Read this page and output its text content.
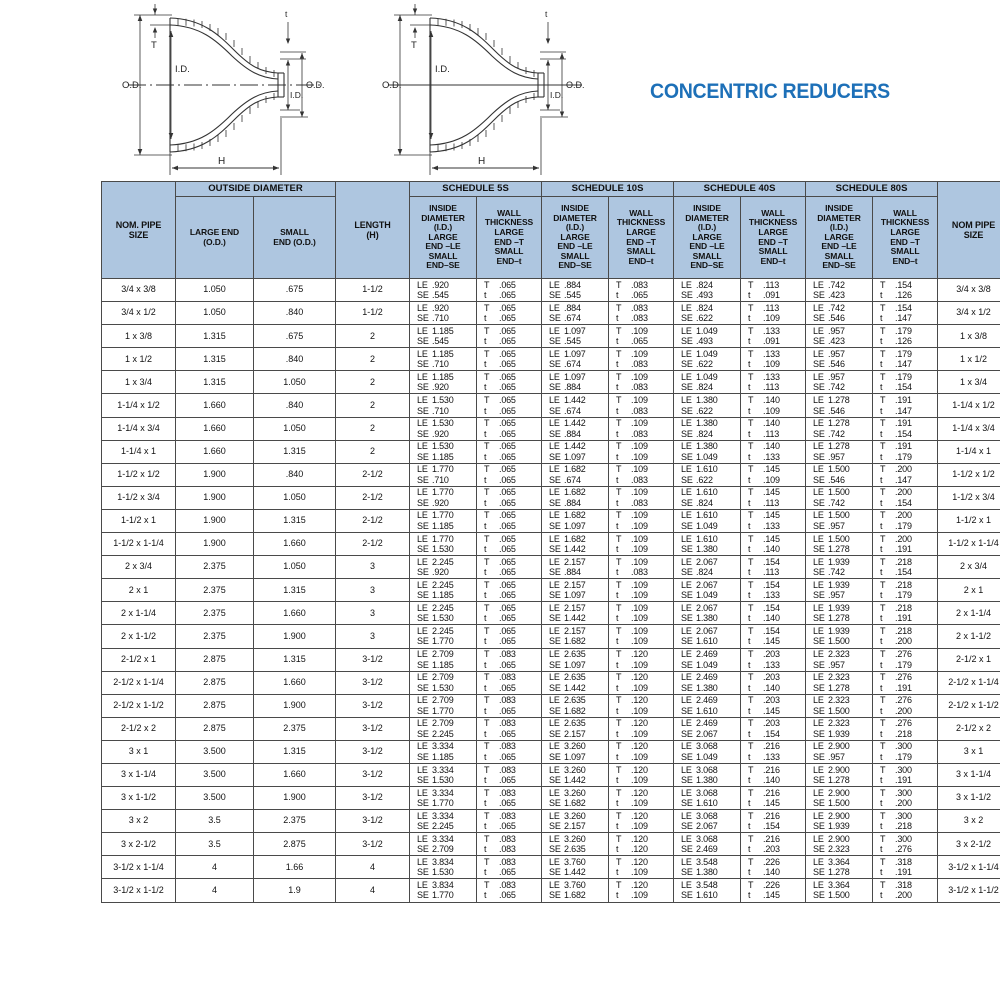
O.D.
I.D.
T
t
O.D.
I.D.
H
O.D.
I.D.
T
t
O.D.
I.D.
H
CONCENTRIC REDUCERS
NOM. PIPE
SIZE
	OUTSIDE DIAMETER	
LENGTH
(H)
	SCHEDULE 5S	SCHEDULE 10S	SCHEDULE 40S	SCHEDULE 80S	
NOM PIPE
SIZE

LARGE END
(O.D.)

SMALL
END (O.D.)

INSIDE
DIAMETER
(I.D.)
LARGE
END –LE
SMALL
END–SE

WALL
THICKNESS
LARGE
END –T
SMALL
END–t

INSIDE
DIAMETER
(I.D.)
LARGE
END –LE
SMALL
END–SE

WALL
THICKNESS
LARGE
END –T
SMALL
END–t

INSIDE
DIAMETER
(I.D.)
LARGE
END –LE
SMALL
END–SE

WALL
THICKNESS
LARGE
END –T
SMALL
END–t

INSIDE
DIAMETER
(I.D.)
LARGE
END –LE
SMALL
END–SE

WALL
THICKNESS
LARGE
END –T
SMALL
END–t

3/4 x 3/8	1.050	.675	1-1/2	LE .920
SE .545	T .065
t .065	LE .884
SE .545	T .083
t .065	LE .824
SE .493	T .113
t .091	LE .742
SE .423	T .154
t .126	3/4 x 3/8
3/4 x 1/2	1.050	.840	1-1/2	LE .920
SE .710	T .065
t .065	LE .884
SE .674	T .083
t .083	LE .824
SE .622	T .113
t .109	LE .742
SE .546	T .154
t .147	3/4 x 1/2
1 x 3/8	1.315	.675	2	LE 1.185
SE .545	T .065
t .065	LE 1.097
SE .545	T .109
t .065	LE 1.049
SE .493	T .133
t .091	LE .957
SE .423	T .179
t .126	1 x 3/8
1 x 1/2	1.315	.840	2	LE 1.185
SE .710	T .065
t .065	LE 1.097
SE .674	T .109
t .083	LE 1.049
SE .622	T .133
t .109	LE .957
SE .546	T .179
t .147	1 x 1/2
1 x 3/4	1.315	1.050	2	LE 1.185
SE .920	T .065
t .065	LE 1.097
SE .884	T .109
t .083	LE 1.049
SE .824	T .133
t .113	LE .957
SE .742	T .179
t .154	1 x 3/4
1-1/4 x 1/2	1.660	.840	2	LE 1.530
SE .710	T .065
t .065	LE 1.442
SE .674	T .109
t .083	LE 1.380
SE .622	T .140
t .109	LE 1.278
SE .546	T .191
t .147	1-1/4 x 1/2
1-1/4 x 3/4	1.660	1.050	2	LE 1.530
SE .920	T .065
t .065	LE 1.442
SE .884	T .109
t .083	LE 1.380
SE .824	T .140
t .113	LE 1.278
SE .742	T .191
t .154	1-1/4 x 3/4
1-1/4 x 1	1.660	1.315	2	LE 1.530
SE 1.185	T .065
t .065	LE 1.442
SE 1.097	T .109
t .109	LE 1.380
SE 1.049	T .140
t .133	LE 1.278
SE .957	T .191
t .179	1-1/4 x 1
1-1/2 x 1/2	1.900	.840	2-1/2	LE 1.770
SE .710	T .065
t .065	LE 1.682
SE .674	T .109
t .083	LE 1.610
SE .622	T .145
t .109	LE 1.500
SE .546	T .200
t .147	1-1/2 x 1/2
1-1/2 x 3/4	1.900	1.050	2-1/2	LE 1.770
SE .920	T .065
t .065	LE 1.682
SE .884	T .109
t .083	LE 1.610
SE .824	T .145
t .113	LE 1.500
SE .742	T .200
t .154	1-1/2 x 3/4
1-1/2 x 1	1.900	1.315	2-1/2	LE 1.770
SE 1.185	T .065
t .065	LE 1.682
SE 1.097	T .109
t .109	LE 1.610
SE 1.049	T .145
t .133	LE 1.500
SE .957	T .200
t .179	1-1/2 x 1
1-1/2 x 1-1/4	1.900	1.660	2-1/2	LE 1.770
SE 1.530	T .065
t .065	LE 1.682
SE 1.442	T .109
t .109	LE 1.610
SE 1.380	T .145
t .140	LE 1.500
SE 1.278	T .200
t .191	1-1/2 x 1-1/4
2 x 3/4	2.375	1.050	3	LE 2.245
SE .920	T .065
t .065	LE 2.157
SE .884	T .109
t .083	LE 2.067
SE .824	T .154
t .113	LE 1.939
SE .742	T .218
t .154	2 x 3/4
2 x 1	2.375	1.315	3	LE 2.245
SE 1.185	T .065
t .065	LE 2.157
SE 1.097	T .109
t .109	LE 2.067
SE 1.049	T .154
t .133	LE 1.939
SE .957	T .218
t .179	2 x 1
2 x 1-1/4	2.375	1.660	3	LE 2.245
SE 1.530	T .065
t .065	LE 2.157
SE 1.442	T .109
t .109	LE 2.067
SE 1.380	T .154
t .140	LE 1.939
SE 1.278	T .218
t .191	2 x 1-1/4
2 x 1-1/2	2.375	1.900	3	LE 2.245
SE 1.770	T .065
t .065	LE 2.157
SE 1.682	T .109
t .109	LE 2.067
SE 1.610	T .154
t .145	LE 1.939
SE 1.500	T .218
t .200	2 x 1-1/2
2-1/2 x 1	2.875	1.315	3-1/2	LE 2.709
SE 1.185	T .083
t .065	LE 2.635
SE 1.097	T .120
t .109	LE 2.469
SE 1.049	T .203
t .133	LE 2.323
SE .957	T .276
t .179	2-1/2 x 1
2-1/2 x 1-1/4	2.875	1.660	3-1/2	LE 2.709
SE 1.530	T .083
t .065	LE 2.635
SE 1.442	T .120
t .109	LE 2.469
SE 1.380	T .203
t .140	LE 2.323
SE 1.278	T .276
t .191	2-1/2 x 1-1/4
2-1/2 x 1-1/2	2.875	1.900	3-1/2	LE 2.709
SE 1.770	T .083
t .065	LE 2.635
SE 1.682	T .120
t .109	LE 2.469
SE 1.610	T .203
t .145	LE 2.323
SE 1.500	T .276
t .200	2-1/2 x 1-1/2
2-1/2 x 2	2.875	2.375	3-1/2	LE 2.709
SE 2.245	T .083
t .065	LE 2.635
SE 2.157	T .120
t .109	LE 2.469
SE 2.067	T .203
t .154	LE 2.323
SE 1.939	T .276
t .218	2-1/2 x 2
3 x 1	3.500	1.315	3-1/2	LE 3.334
SE 1.185	T .083
t .065	LE 3.260
SE 1.097	T .120
t .109	LE 3.068
SE 1.049	T .216
t .133	LE 2.900
SE .957	T .300
t .179	3 x 1
3 x 1-1/4	3.500	1.660	3-1/2	LE 3.334
SE 1.530	T .083
t .065	LE 3.260
SE 1.442	T .120
t .109	LE 3.068
SE 1.380	T .216
t .140	LE 2.900
SE 1.278	T .300
t .191	3 x 1-1/4
3 x 1-1/2	3.500	1.900	3-1/2	LE 3.334
SE 1.770	T .083
t .065	LE 3.260
SE 1.682	T .120
t .109	LE 3.068
SE 1.610	T .216
t .145	LE 2.900
SE 1.500	T .300
t .200	3 x 1-1/2
3 x 2	3.5	2.375	3-1/2	LE 3.334
SE 2.245	T .083
t .065	LE 3.260
SE 2.157	T .120
t .109	LE 3.068
SE 2.067	T .216
t .154	LE 2.900
SE 1.939	T .300
t .218	3 x 2
3 x 2-1/2	3.5	2.875	3-1/2	LE 3.334
SE 2.709	T .083
t .083	LE 3.260
SE 2.635	T .120
t .120	LE 3.068
SE 2.469	T .216
t .203	LE 2.900
SE 2.323	T .300
t .276	3 x 2-1/2
3-1/2 x 1-1/4	4	1.66	4	LE 3.834
SE 1.530	T .083
t .065	LE 3.760
SE 1.442	T .120
t .109	LE 3.548
SE 1.380	T .226
t .140	LE 3.364
SE 1.278	T .318
t .191	3-1/2 x 1-1/4
3-1/2 x 1-1/2	4	1.9	4	LE 3.834
SE 1.770	T .083
t .065	LE 3.760
SE 1.682	T .120
t .109	LE 3.548
SE 1.610	T .226
t .145	LE 3.364
SE 1.500	T .318
t .200	3-1/2 x 1-1/2
